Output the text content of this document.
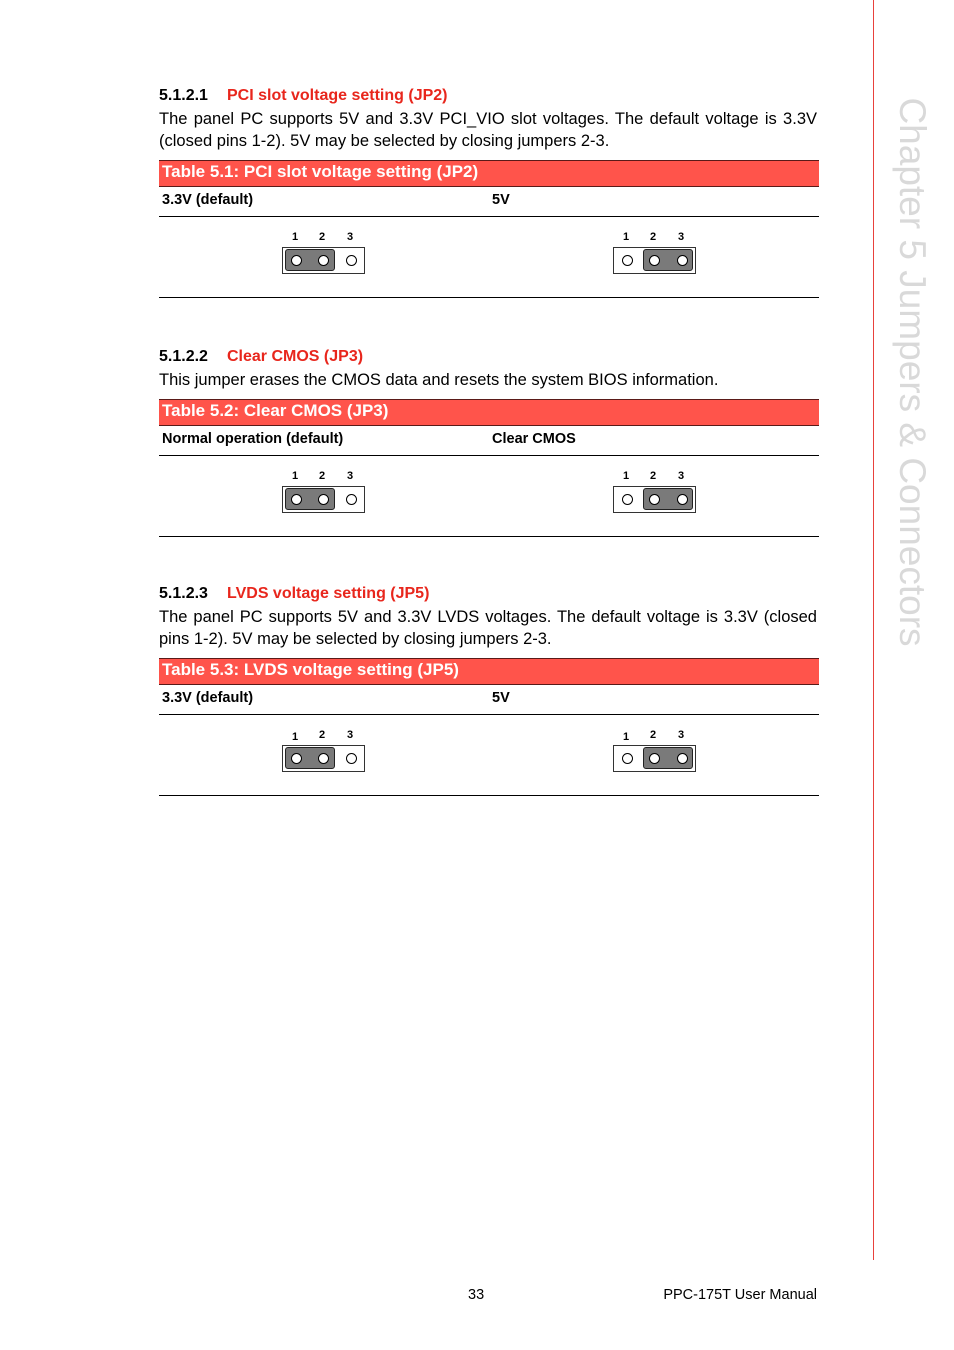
Chapter 5 Jumpers & Connectors
5.1.2.1 PCI slot voltage setting (JP2)
The panel PC supports 5V and 3.3V PCI_VIO slot voltages. The default voltage is 3.3V (closed pins 1-2). 5V may be selected by closing jumpers 2-3.
Table 5.1: PCI slot voltage setting (JP2)
3.3V (default)	5V
1 2 3	1 2 3
5.1.2.2 Clear CMOS (JP3)
This jumper erases the CMOS data and resets the system BIOS information.
Table 5.2: Clear CMOS (JP3)
Normal operation (default)	Clear CMOS
1 2 3	1 2 3
5.1.2.3 LVDS voltage setting (JP5)
The panel PC supports 5V and 3.3V LVDS voltages. The default voltage is 3.3V (closed pins 1-2). 5V may be selected by closing jumpers 2-3.
Table 5.3: LVDS voltage setting (JP5)
3.3V (default)	5V
1 2 3	1 2 3
33	PPC-175T User Manual
